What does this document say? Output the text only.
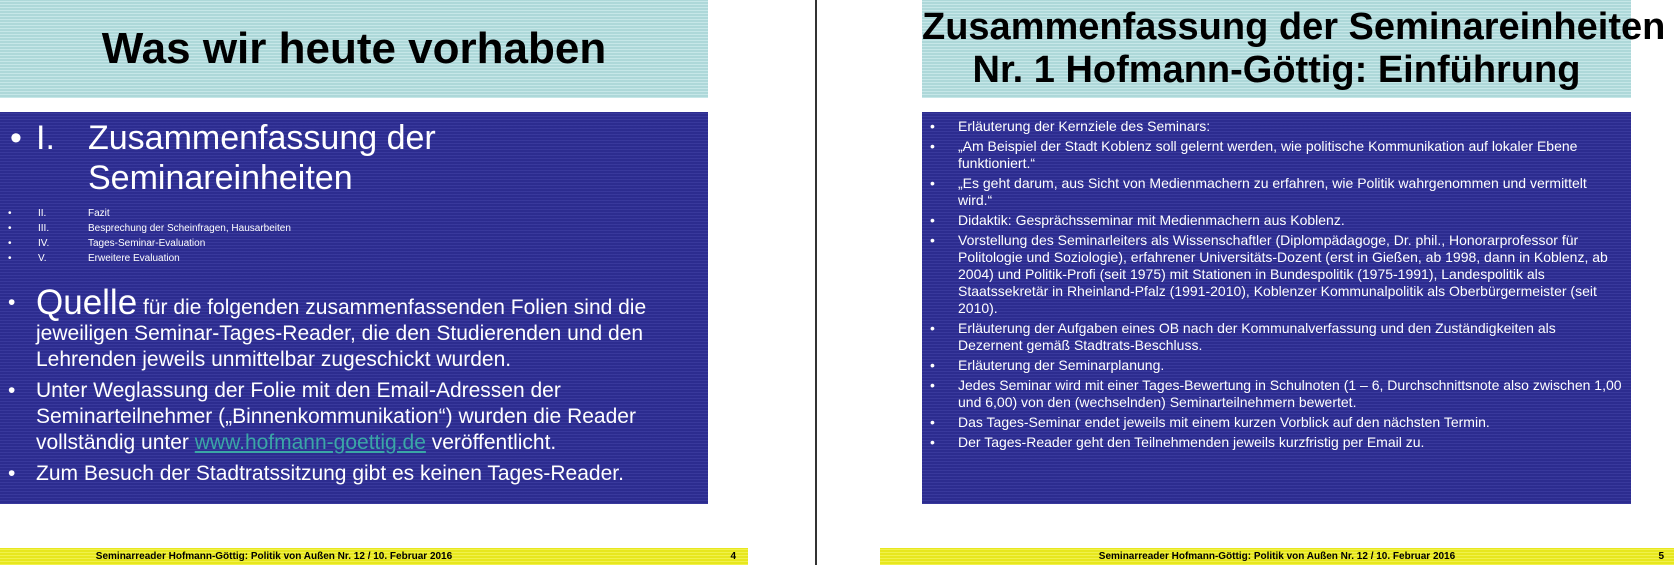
Was wir heute vorhaben
• I. Zusammenfassung der Seminareinheiten
•	II.	Fazit
•	III.	Besprechung der Scheinfragen, Hausarbeiten
•	IV.	Tages-Seminar-Evaluation
•	V.	Erweitere Evaluation
• Quelle für die folgenden zusammenfassenden Folien sind die jeweiligen Seminar-Tages-Reader, die den Studierenden und den Lehrenden jeweils unmittelbar zugeschickt wurden.
• Unter Weglassung der Folie mit den Email-Adressen der Seminarteilnehmer („Binnenkommunikation“) wurden die Reader vollständig unter www.hofmann-goettig.de veröffentlicht.
• Zum Besuch der Stadtratssitzung gibt es keinen Tages-Reader.
Seminarreader Hofmann-Göttig: Politik von Außen Nr. 12 / 10. Februar 2016	4
Zusammenfassung der Seminareinheiten
Nr. 1 Hofmann-Göttig: Einführung
• Erläuterung der Kernziele des Seminars:
• „Am Beispiel der Stadt Koblenz soll gelernt werden, wie politische Kommunikation auf lokaler Ebene funktioniert.“
• „Es geht darum, aus Sicht von Medienmachern zu erfahren, wie Politik wahrgenommen und vermittelt wird.“
• Didaktik: Gesprächsseminar mit Medienmachern aus Koblenz.
• Vorstellung des Seminarleiters als Wissenschaftler (Diplompädagoge, Dr. phil., Honorarprofessor für Politologie und Soziologie), erfahrener Universitäts-Dozent (erst in Gießen, ab 1998, dann in Koblenz, ab 2004) und Politik-Profi (seit 1975) mit Stationen in Bundespolitik (1975-1991), Landespolitik als Staatssekretär in Rheinland-Pfalz (1991-2010), Koblenzer Kommunalpolitik als Oberbürgermeister (seit 2010).
• Erläuterung der Aufgaben eines OB nach der Kommunalverfassung und den Zuständigkeiten als Dezernent gemäß Stadtrats-Beschluss.
• Erläuterung der Seminarplanung.
• Jedes Seminar wird mit einer Tages-Bewertung in Schulnoten (1 – 6, Durchschnittsnote also zwischen 1,00 und 6,00) von den (wechselnden) Seminarteilnehmern bewertet.
• Das Tages-Seminar endet jeweils mit einem kurzen Vorblick auf den nächsten Termin.
• Der Tages-Reader geht den Teilnehmenden jeweils kurzfristig per Email zu.
Seminarreader Hofmann-Göttig: Politik von Außen Nr. 12 / 10. Februar 2016	5
